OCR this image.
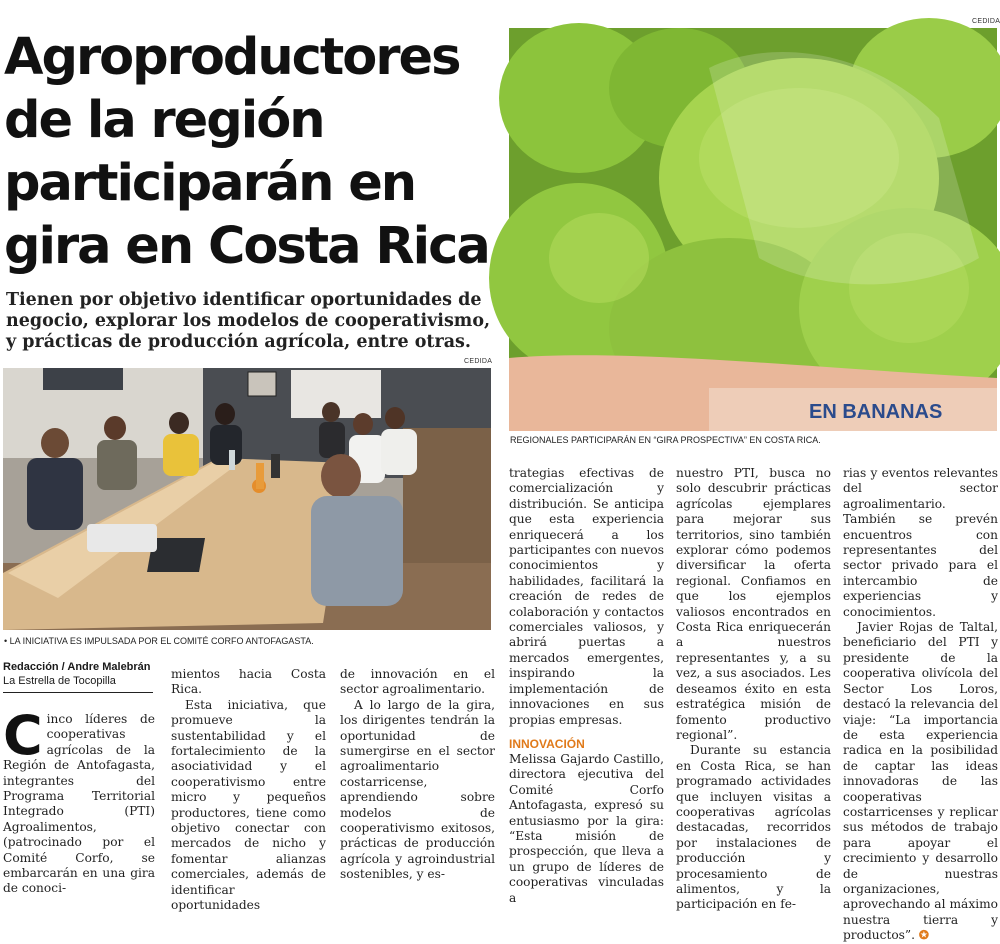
CEDIDA
CEDIDA
Agroproductores de la región participarán en gira en Costa Rica

Tienen por objetivo identificar oportunidades de negocio, explorar los modelos de cooperativismo, y prácticas de producción agrícola, entre otras.

• LA INICIATIVA ES IMPULSADA POR EL COMITÉ CORFO ANTOFAGASTA.
EN BANANAS
REGIONALES PARTICIPARÁN EN “GIRA PROSPECTIVA” EN COSTA RICA.
Redacción / Andre Malebrán
La Estrella de Tocopilla

Cinco líderes de cooperativas agrícolas de la Región de Antofagasta, integrantes del Programa Territorial Integrado (PTI) Agroalimentos, (patrocinado por el Comité Corfo, se embarcarán en una gira de conoci-

mientos hacia Costa Rica.

Esta iniciativa, que promueve la sustentabilidad y el fortalecimiento de la asociatividad y el cooperativismo entre micro y pequeños productores, tiene como objetivo conectar con mercados de nicho y fomentar alianzas comerciales, además de identificar oportunidades

de innovación en el sector agroalimentario.

A lo largo de la gira, los dirigentes tendrán la oportunidad de sumergirse en el sector agroalimentario costarricense, aprendiendo sobre modelos de cooperativismo exitosos, prácticas de producción agrícola y agroindustrial sostenibles, y es-

trategias efectivas de comercialización y distribución. Se anticipa que esta experiencia enriquecerá a los participantes con nuevos conocimientos y habilidades, facilitará la creación de redes de colaboración y contactos comerciales valiosos, y abrirá puertas a mercados emergentes, inspirando la implementación de innovaciones en sus propias empresas.

INNOVACIÓN

Melissa Gajardo Castillo, directora ejecutiva del Comité Corfo Antofagasta, expresó su entusiasmo por la gira: “Esta misión de prospección, que lleva a un grupo de líderes de cooperativas vinculadas a

nuestro PTI, busca no solo descubrir prácticas agrícolas ejemplares para mejorar sus territorios, sino también explorar cómo podemos diversificar la oferta regional. Confiamos en que los ejemplos valiosos encontrados en Costa Rica enriquecerán a nuestros representantes y, a su vez, a sus asociados. Les deseamos éxito en esta estratégica misión de fomento productivo regional”.

Durante su estancia en Costa Rica, se han programado actividades que incluyen visitas a cooperativas agrícolas destacadas, recorridos por instalaciones de producción y procesamiento de alimentos, y la participación en fe-

rias y eventos relevantes del sector agroalimentario. También se prevén encuentros con representantes del sector privado para el intercambio de experiencias y conocimientos.

Javier Rojas de Taltal, beneficiario del PTI y presidente de la cooperativa olivícola del Sector Los Loros, destacó la relevancia del viaje: “La importancia de esta experiencia radica en la posibilidad de captar las ideas innovadoras de las cooperativas costarricenses y replicar sus métodos de trabajo para apoyar el crecimiento y desarrollo de nuestras organizaciones, aprovechando al máximo nuestra tierra y productos”. ✪
